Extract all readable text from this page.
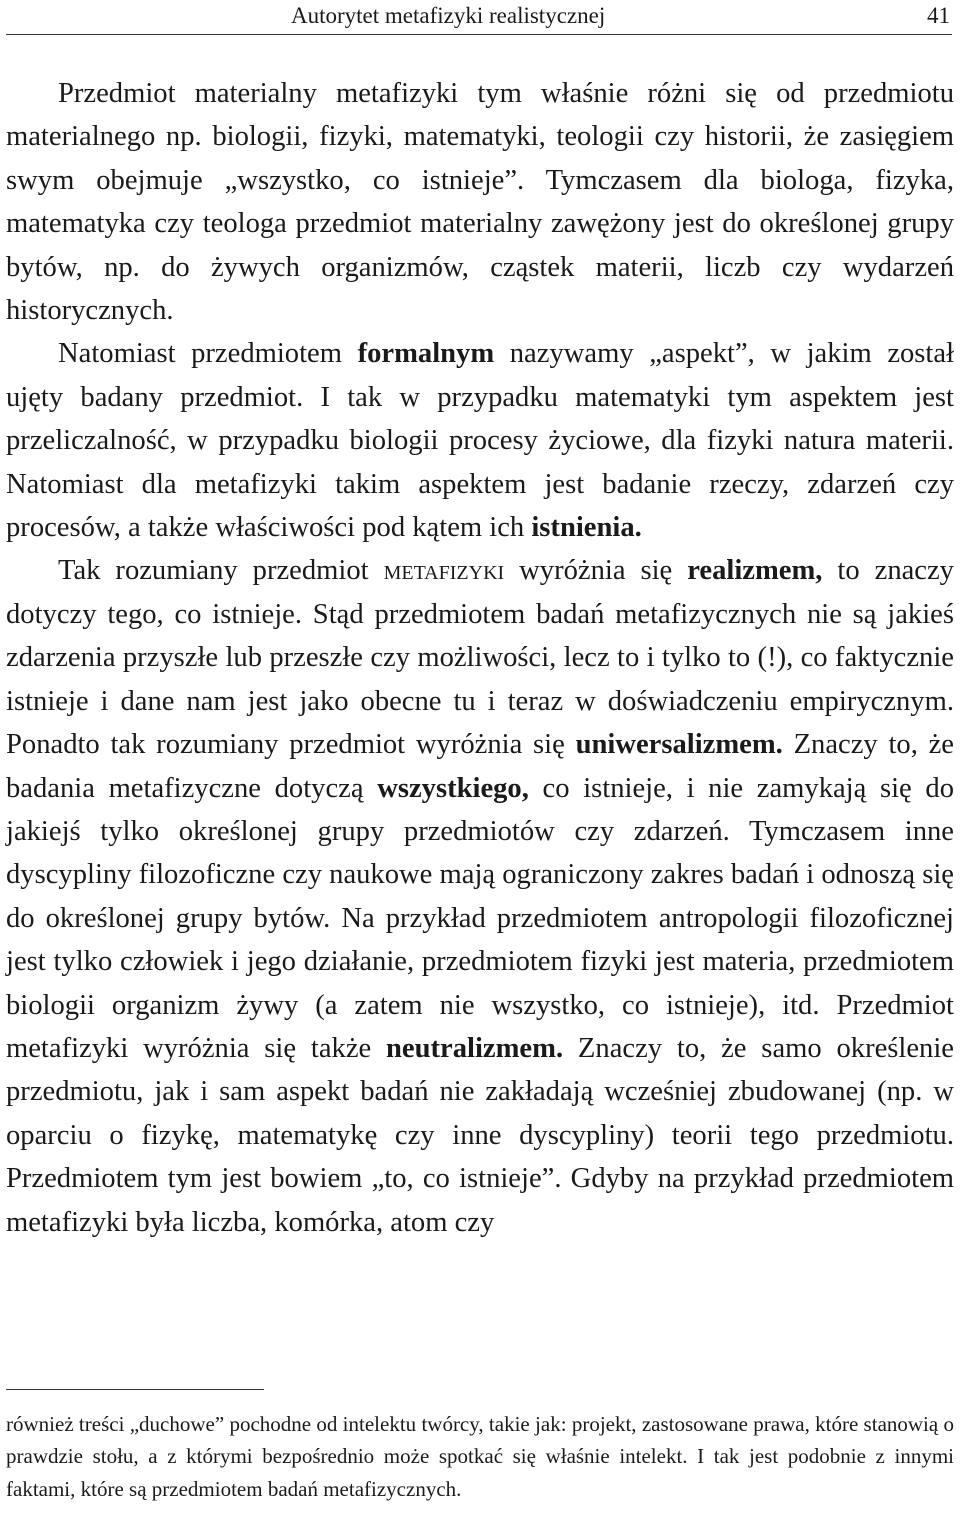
Autorytet metafizyki realistycznej	41

Przedmiot materialny metafizyki tym właśnie różni się od przedmiotu materialnego np. biologii, fizyki, matematyki, teologii czy historii, że zasięgiem swym obejmuje „wszystko, co istnieje”. Tymczasem dla biologa, fizyka, matematyka czy teologa przedmiot materialny zawężony jest do określonej grupy bytów, np. do żywych organizmów, cząstek materii, liczb czy wydarzeń historycznych.

Natomiast przedmiotem formalnym nazywamy „aspekt”, w jakim został ujęty badany przedmiot. I tak w przypadku matematyki tym aspektem jest przeliczalność, w przypadku biologii procesy życiowe, dla fizyki natura materii. Natomiast dla metafizyki takim aspektem jest badanie rzeczy, zdarzeń czy procesów, a także właściwości pod kątem ich istnienia.

Tak rozumiany przedmiot metafizyki wyróżnia się realizmem, to znaczy dotyczy tego, co istnieje. Stąd przedmiotem badań metafizycznych nie są jakieś zdarzenia przyszłe lub przeszłe czy możliwości, lecz to i tylko to (!), co faktycznie istnieje i dane nam jest jako obecne tu i teraz w doświadczeniu empirycznym. Ponadto tak rozumiany przedmiot wyróżnia się uniwersalizmem. Znaczy to, że badania metafizyczne dotyczą wszystkiego, co istnieje, i nie zamykają się do jakiejś tylko określonej grupy przedmiotów czy zdarzeń. Tymczasem inne dyscypliny filozoficzne czy naukowe mają ograniczony zakres badań i odnoszą się do określonej grupy bytów. Na przykład przedmiotem antropologii filozoficznej jest tylko człowiek i jego działanie, przedmiotem fizyki jest materia, przedmiotem biologii organizm żywy (a zatem nie wszystko, co istnieje), itd. Przedmiot metafizyki wyróżnia się także neutralizmem. Znaczy to, że samo określenie przedmiotu, jak i sam aspekt badań nie zakładają wcześniej zbudowanej (np. w oparciu o fizykę, matematykę czy inne dyscypliny) teorii tego przedmiotu. Przedmiotem tym jest bowiem „to, co istnieje”. Gdyby na przykład przedmiotem metafizyki była liczba, komórka, atom czy

również treści „duchowe” pochodne od intelektu twórcy, takie jak: projekt, zastosowane prawa, które stanowią o prawdzie stołu, a z którymi bezpośrednio może spotkać się właśnie intelekt. I tak jest podobnie z innymi faktami, które są przedmiotem badań metafizycznych.
